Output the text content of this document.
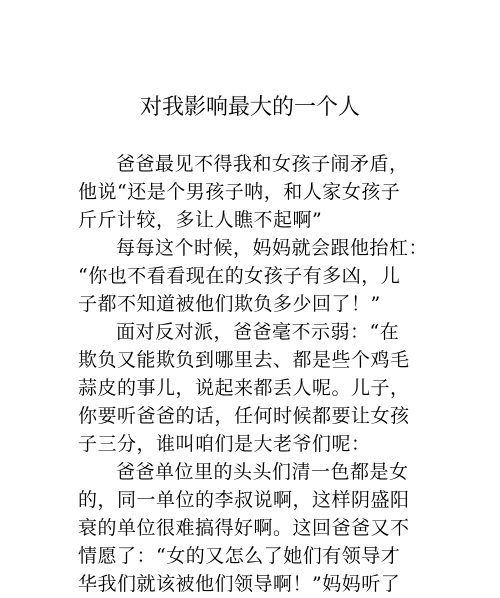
对我影响最大的一个人
爸爸最见不得我和女孩子闹矛盾，
他说“还是个男孩子呐，和人家女孩子
斤斤计较，多让人瞧不起啊”
每每这个时候，妈妈就会跟他抬杠：
“你也不看看现在的女孩子有多凶，儿
子都不知道被他们欺负多少回了！”
面对反对派，爸爸毫不示弱：“在
欺负又能欺负到哪里去、都是些个鸡毛
蒜皮的事儿，说起来都丢人呢。儿子，
你要听爸爸的话，任何时候都要让女孩
子三分，谁叫咱们是大老爷们呢：
爸爸单位里的头头们清一色都是女
的，同一单位的李叔说啊，这样阴盛阳
衰的单位很难搞得好啊。这回爸爸又不
情愿了：“女的又怎么了她们有领导才
华我们就该被他们领导啊！”妈妈听了
